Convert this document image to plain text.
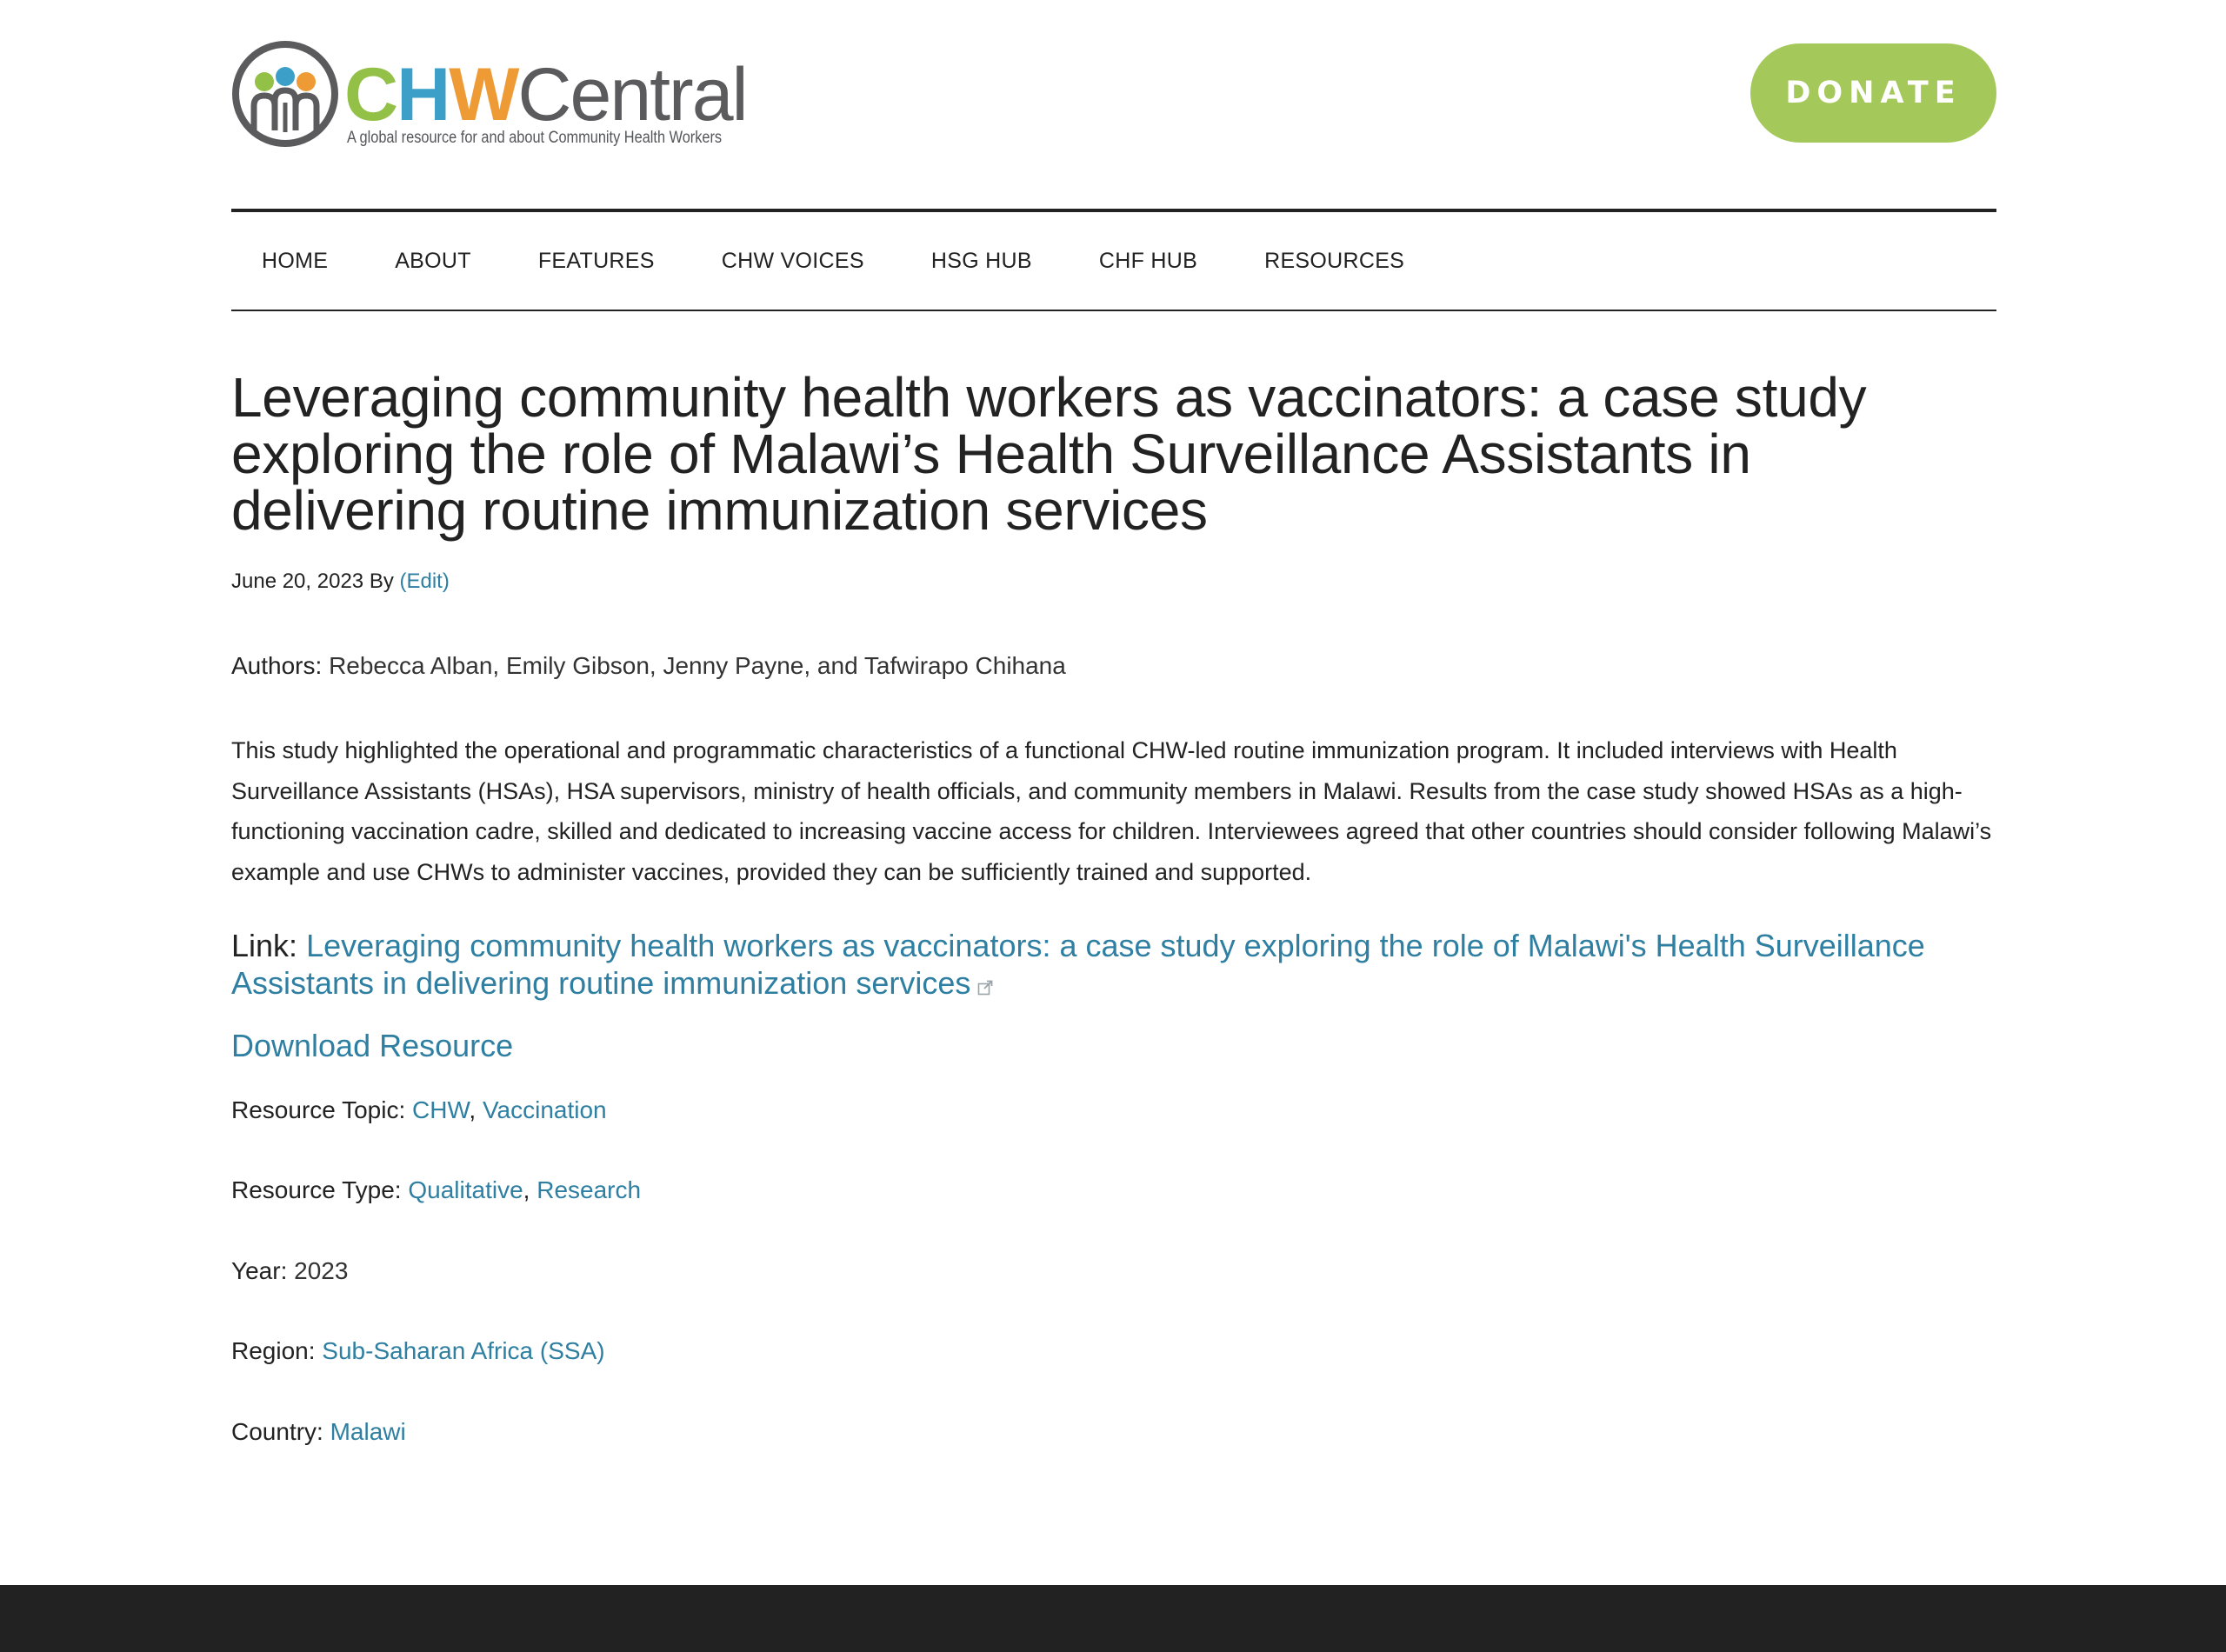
CHWCentral
A global resource for and about Community Health Workers
DONATE
HOME	ABOUT	FEATURES	CHW VOICES	HSG HUB	CHF HUB	RESOURCES
Leveraging community health workers as vaccinators: a case study exploring the role of Malawi’s Health Surveillance Assistants in delivering routine immunization services
June 20, 2023 By (Edit)
Authors: Rebecca Alban, Emily Gibson, Jenny Payne, and Tafwirapo Chihana

This study highlighted the operational and programmatic characteristics of a functional CHW-led routine immunization program. It included interviews with Health Surveillance Assistants (HSAs), HSA supervisors, ministry of health officials, and community members in Malawi. Results from the case study showed HSAs as a high-functioning vaccination cadre, skilled and dedicated to increasing vaccine access for children. Interviewees agreed that other countries should consider following Malawi’s example and use CHWs to administer vaccines, provided they can be sufficiently trained and supported.

Link: Leveraging community health workers as vaccinators: a case study exploring the role of Malawi's Health Surveillance Assistants in delivering routine immunization services
Download Resource
Resource Topic: CHW, Vaccination
Resource Type: Qualitative, Research
Year: 2023
Region: Sub-Saharan Africa (SSA)
Country: Malawi
